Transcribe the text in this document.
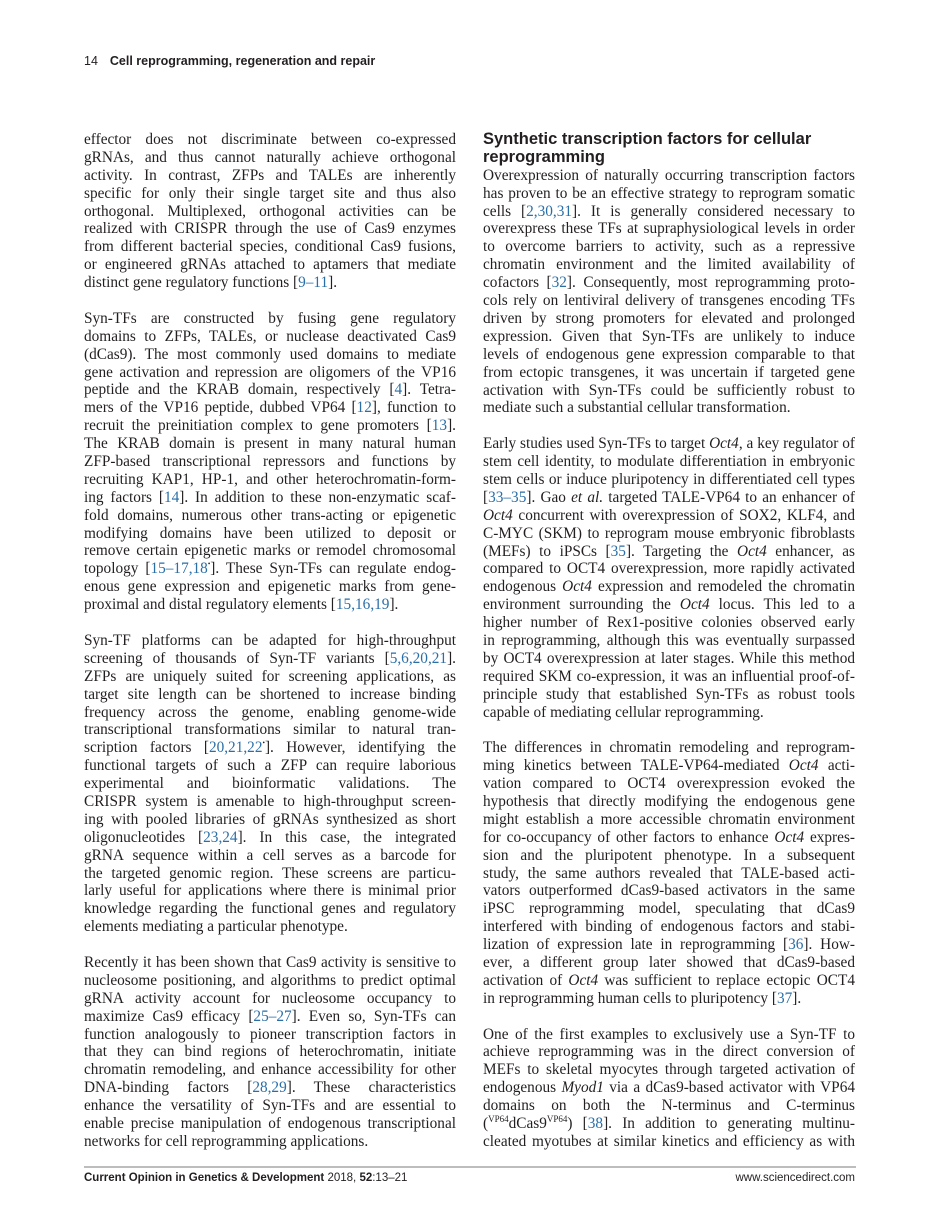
14 Cell reprogramming, regeneration and repair
effector does not discriminate between co-expressed
gRNAs, and thus cannot naturally achieve orthogonal
activity. In contrast, ZFPs and TALEs are inherently
specific for only their single target site and thus also
orthogonal. Multiplexed, orthogonal activities can be
realized with CRISPR through the use of Cas9 enzymes
from different bacterial species, conditional Cas9 fusions,
or engineered gRNAs attached to aptamers that mediate
distinct gene regulatory functions [9–11].
Syn-TFs are constructed by fusing gene regulatory
domains to ZFPs, TALEs, or nuclease deactivated Cas9
(dCas9). The most commonly used domains to mediate
gene activation and repression are oligomers of the VP16
peptide and the KRAB domain, respectively [4]. Tetra-
mers of the VP16 peptide, dubbed VP64 [12], function to
recruit the preinitiation complex to gene promoters [13].
The KRAB domain is present in many natural human
ZFP-based transcriptional repressors and functions by
recruiting KAP1, HP-1, and other heterochromatin-form-
ing factors [14]. In addition to these non-enzymatic scaf-
fold domains, numerous other trans-acting or epigenetic
modifying domains have been utilized to deposit or
remove certain epigenetic marks or remodel chromosomal
topology [15–17,18•]. These Syn-TFs can regulate endog-
enous gene expression and epigenetic marks from gene-
proximal and distal regulatory elements [15,16,19].
Syn-TF platforms can be adapted for high-throughput
screening of thousands of Syn-TF variants [5,6,20,21].
ZFPs are uniquely suited for screening applications, as
target site length can be shortened to increase binding
frequency across the genome, enabling genome-wide
transcriptional transformations similar to natural tran-
scription factors [20,21,22•]. However, identifying the
functional targets of such a ZFP can require laborious
experimental and bioinformatic validations. The
CRISPR system is amenable to high-throughput screen-
ing with pooled libraries of gRNAs synthesized as short
oligonucleotides [23,24]. In this case, the integrated
gRNA sequence within a cell serves as a barcode for
the targeted genomic region. These screens are particu-
larly useful for applications where there is minimal prior
knowledge regarding the functional genes and regulatory
elements mediating a particular phenotype.
Recently it has been shown that Cas9 activity is sensitive to
nucleosome positioning, and algorithms to predict optimal
gRNA activity account for nucleosome occupancy to
maximize Cas9 efficacy [25–27]. Even so, Syn-TFs can
function analogously to pioneer transcription factors in
that they can bind regions of heterochromatin, initiate
chromatin remodeling, and enhance accessibility for other
DNA-binding factors [28,29]. These characteristics
enhance the versatility of Syn-TFs and are essential to
enable precise manipulation of endogenous transcriptional
networks for cell reprogramming applications.
Synthetic transcription factors for cellular
reprogramming
Overexpression of naturally occurring transcription factors
has proven to be an effective strategy to reprogram somatic
cells [2,30,31]. It is generally considered necessary to
overexpress these TFs at supraphysiological levels in order
to overcome barriers to activity, such as a repressive
chromatin environment and the limited availability of
cofactors [32]. Consequently, most reprogramming proto-
cols rely on lentiviral delivery of transgenes encoding TFs
driven by strong promoters for elevated and prolonged
expression. Given that Syn-TFs are unlikely to induce
levels of endogenous gene expression comparable to that
from ectopic transgenes, it was uncertain if targeted gene
activation with Syn-TFs could be sufficiently robust to
mediate such a substantial cellular transformation.
Early studies used Syn-TFs to target Oct4, a key regulator of
stem cell identity, to modulate differentiation in embryonic
stem cells or induce pluripotency in differentiated cell types
[33–35]. Gao et al. targeted TALE-VP64 to an enhancer of
Oct4 concurrent with overexpression of SOX2, KLF4, and
C-MYC (SKM) to reprogram mouse embryonic fibroblasts
(MEFs) to iPSCs [35]. Targeting the Oct4 enhancer, as
compared to OCT4 overexpression, more rapidly activated
endogenous Oct4 expression and remodeled the chromatin
environment surrounding the Oct4 locus. This led to a
higher number of Rex1-positive colonies observed early
in reprogramming, although this was eventually surpassed
by OCT4 overexpression at later stages. While this method
required SKM co-expression, it was an influential proof-of-
principle study that established Syn-TFs as robust tools
capable of mediating cellular reprogramming.
The differences in chromatin remodeling and reprogram-
ming kinetics between TALE-VP64-mediated Oct4 acti-
vation compared to OCT4 overexpression evoked the
hypothesis that directly modifying the endogenous gene
might establish a more accessible chromatin environment
for co-occupancy of other factors to enhance Oct4 expres-
sion and the pluripotent phenotype. In a subsequent
study, the same authors revealed that TALE-based acti-
vators outperformed dCas9-based activators in the same
iPSC reprogramming model, speculating that dCas9
interfered with binding of endogenous factors and stabi-
lization of expression late in reprogramming [36]. How-
ever, a different group later showed that dCas9-based
activation of Oct4 was sufficient to replace ectopic OCT4
in reprogramming human cells to pluripotency [37].
One of the first examples to exclusively use a Syn-TF to
achieve reprogramming was in the direct conversion of
MEFs to skeletal myocytes through targeted activation of
endogenous Myod1 via a dCas9-based activator with VP64
domains on both the N-terminus and C-terminus
$(^{VP64}dCas9^{VP64})$ [38]. In addition to generating multinu-
cleated myotubes at similar kinetics and efficiency as with
Current Opinion in Genetics & Development 2018, 52:13–21	www.sciencedirect.com
